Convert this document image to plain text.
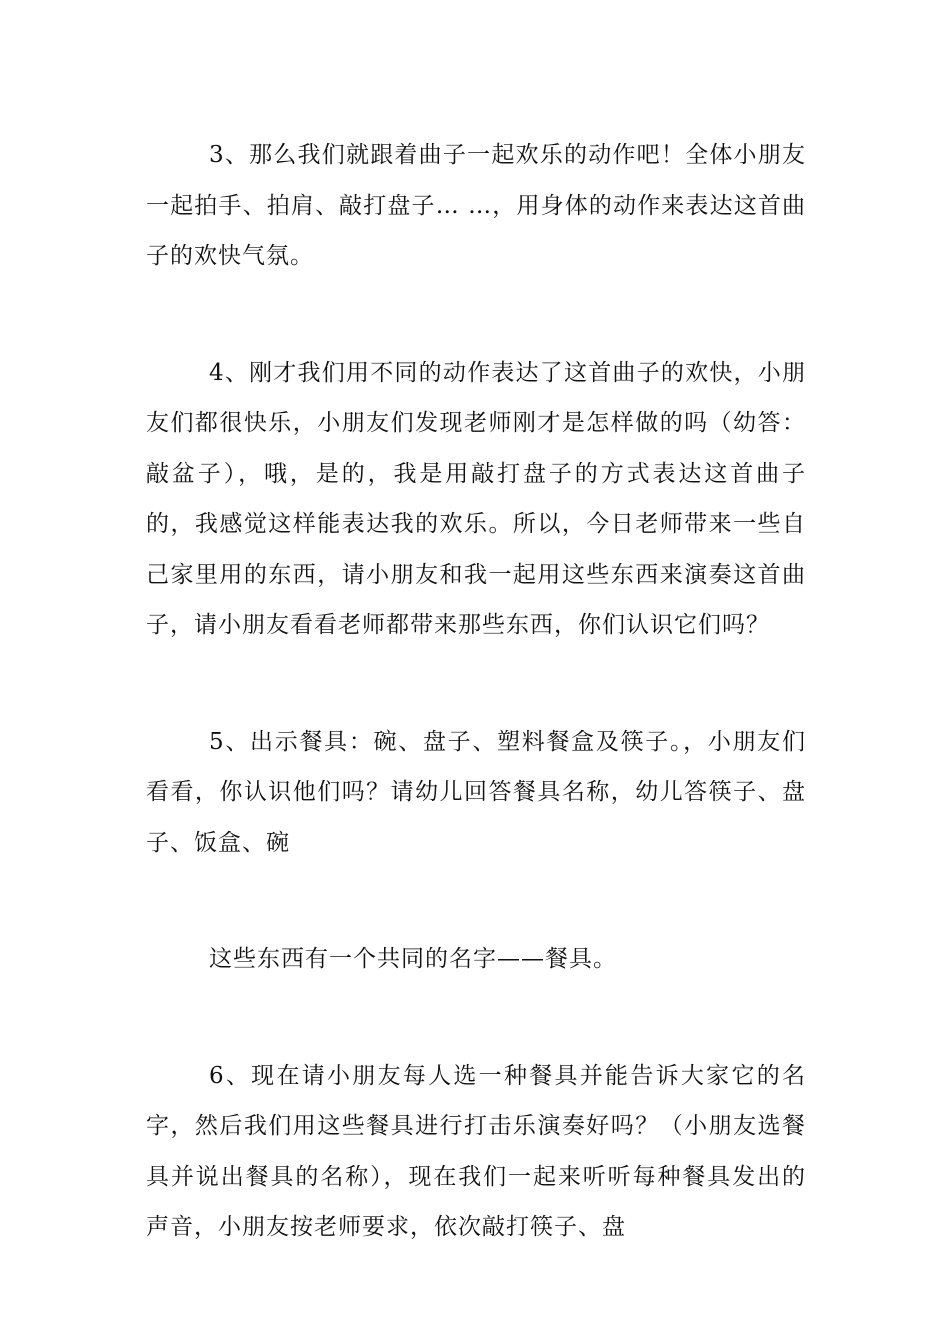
3、那么我们就跟着曲子一起欢乐的动作吧！全体小朋友一起拍手、拍肩、敲打盘子… …，用身体的动作来表达这首曲子的欢快气氛。

4、刚才我们用不同的动作表达了这首曲子的欢快，小朋友们都很快乐，小朋友们发现老师刚才是怎样做的吗（幼答：敲盆子），哦，是的，我是用敲打盘子的方式表达这首曲子的，我感觉这样能表达我的欢乐。所以，今日老师带来一些自己家里用的东西，请小朋友和我一起用这些东西来演奏这首曲子，请小朋友看看老师都带来那些东西，你们认识它们吗？

5、出示餐具：碗、盘子、塑料餐盒及筷子。，小朋友们看看，你认识他们吗？请幼儿回答餐具名称，幼儿答筷子、盘子、饭盒、碗

这些东西有一个共同的名字——餐具。

6、现在请小朋友每人选一种餐具并能告诉大家它的名字，然后我们用这些餐具进行打击乐演奏好吗？（小朋友选餐具并说出餐具的名称），现在我们一起来听听每种餐具发出的声音，小朋友按老师要求，依次敲打筷子、盘
